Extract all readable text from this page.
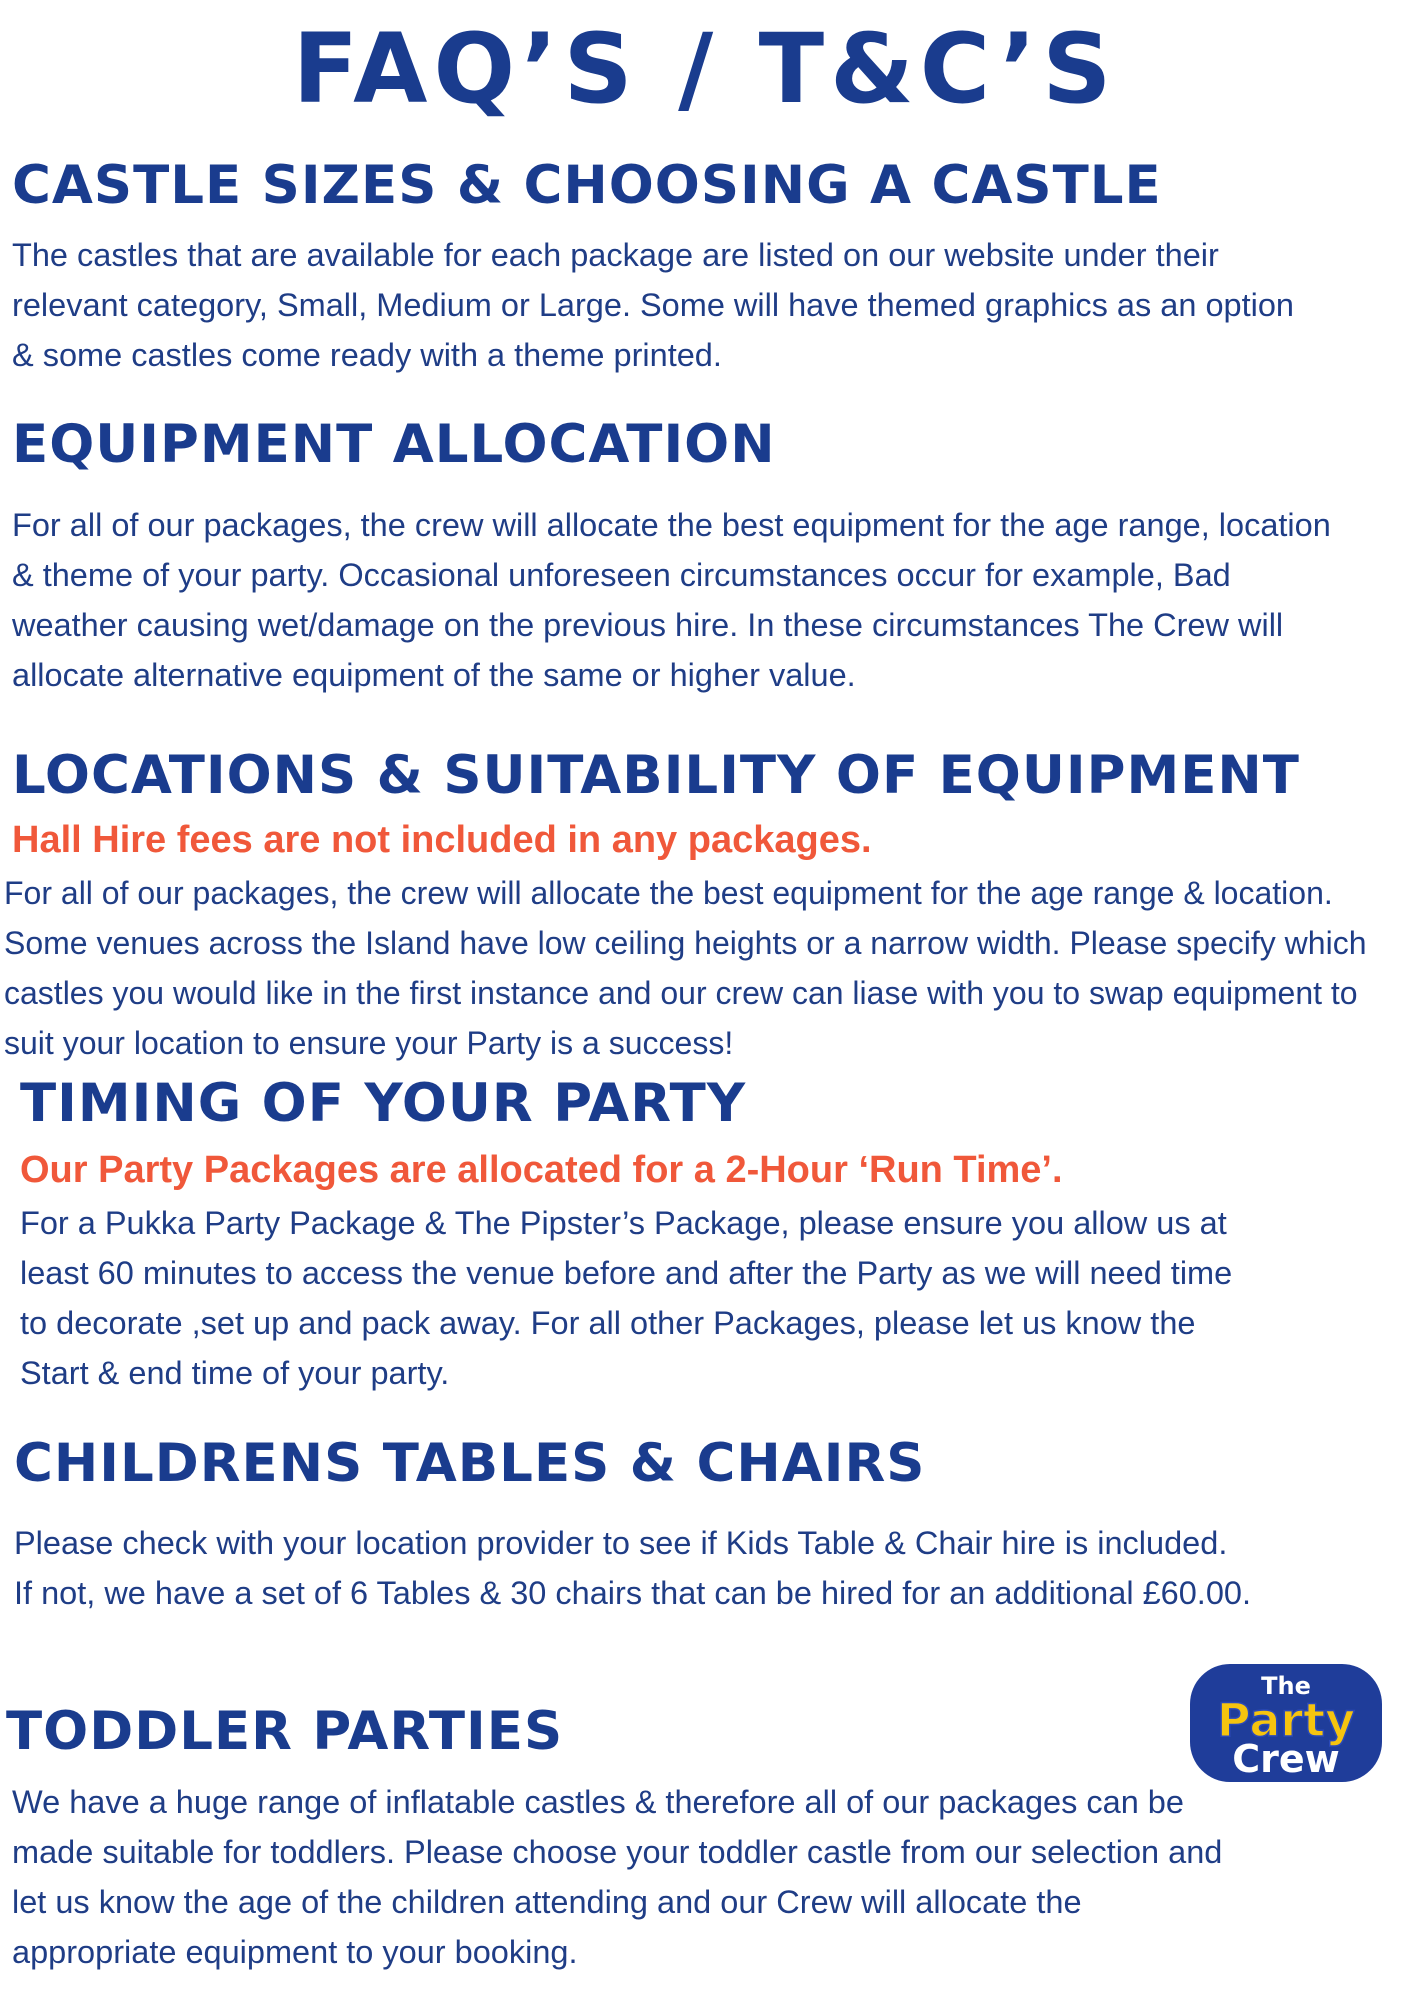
FAQ’S / T&C’S
CASTLE SIZES & CHOOSING A CASTLE

The castles that are available for each package are listed on our website under their relevant category, Small, Medium or Large. Some will have themed graphics as an option & some castles come ready with a theme printed.

EQUIPMENT ALLOCATION

For all of our packages, the crew will allocate the best equipment for the age range, location & theme of your party. Occasional unforeseen circumstances occur for example, Bad weather causing wet/damage on the previous hire. In these circumstances The Crew will allocate alternative equipment of the same or higher value.

LOCATIONS & SUITABILITY OF EQUIPMENT

Hall Hire fees are not included in any packages.

For all of our packages, the crew will allocate the best equipment for the age range & location. Some venues across the Island have low ceiling heights or a narrow width. Please specify which castles you would like in the first instance and our crew can liase with you to swap equipment to suit your location to ensure your Party is a success!

TIMING OF YOUR PARTY

Our Party Packages are allocated for a 2-Hour ‘Run Time’.

For a Pukka Party Package & The Pipster’s Package, please ensure you allow us at least 60 minutes to access the venue before and after the Party as we will need time to decorate ,set up and pack away. For all other Packages, please let us know the Start & end time of your party.

CHILDRENS TABLES & CHAIRS

Please check with your location provider to see if Kids Table & Chair hire is included. If not, we have a set of 6 Tables & 30 chairs that can be hired for an additional £60.00.

TODDLER PARTIES

We have a huge range of inflatable castles & therefore all of our packages can be made suitable for toddlers. Please choose your toddler castle from our selection and let us know the age of the children attending and our Crew will allocate the appropriate equipment to your booking.

The
Party
Crew
